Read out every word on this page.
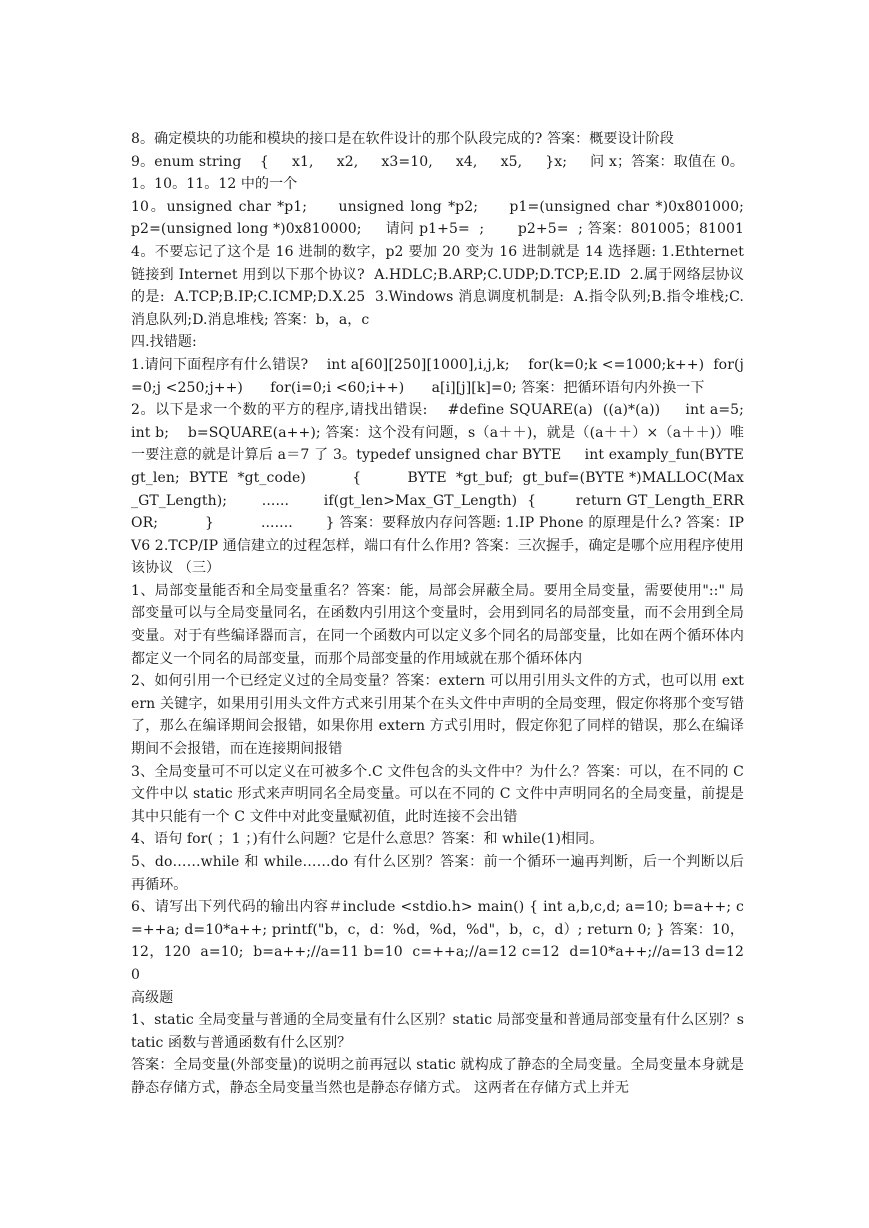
8。确定模块的功能和模块的接口是在软件设计的那个队段完成的? 答案：概要设计阶段

9。enum string    {     x1,     x2,     x3=10,     x4,     x5,     }x;     问 x；答案：取值在 0。1。10。11。12 中的一个

10。unsigned char *p1;     unsigned long *p2;     p1=(unsigned char *)0x801000;     p2=(unsigned long *)0x810000;     请问 p1+5=  ;       p2+5=  ; 答案：801005；810014。不要忘记了这个是 16 进制的数字，p2 要加 20 变为 16 进制就是 14 选择题: 1.Ethternet 链接到 Internet 用到以下那个协议?  A.HDLC;B.ARP;C.UDP;D.TCP;E.ID  2.属于网络层协议的是:  A.TCP;B.IP;C.ICMP;D.X.25  3.Windows 消息调度机制是:  A.指令队列;B.指令堆栈;C.消息队列;D.消息堆栈; 答案：b，a，c

四.找错题:

1.请问下面程序有什么错误?    int a[60][250][1000],i,j,k;    for(k=0;k <=1000;k++)  for(j=0;j <250;j++)      for(i=0;i <60;i++)      a[i][j][k]=0; 答案：把循环语句内外换一下

2。以下是求一个数的平方的程序,请找出错误:    #define SQUARE(a)  ((a)*(a))     int a=5;    int b;    b=SQUARE(a++); 答案：这个没有问题，s（a＋＋)，就是（(a＋＋）×（a＋＋)）唯一要注意的就是计算后 a＝7 了 3。typedef unsigned char BYTE     int examply_fun(BYTE  gt_len;  BYTE  *gt_code)          {          BYTE  *gt_buf;  gt_buf=(BYTE *)MALLOC(Max_GT_Length);       ......       if(gt_len>Max_GT_Length)  {        return GT_Length_ERROR;          }          .......       } 答案：要释放内存问答题: 1.IP Phone 的原理是什么? 答案：IPV6 2.TCP/IP 通信建立的过程怎样，端口有什么作用? 答案：三次握手，确定是哪个应用程序使用该协议 （三）

1、局部变量能否和全局变量重名？答案：能，局部会屏蔽全局。要用全局变量，需要使用"::" 局部变量可以与全局变量同名，在函数内引用这个变量时，会用到同名的局部变量，而不会用到全局变量。对于有些编译器而言，在同一个函数内可以定义多个同名的局部变量，比如在两个循环体内都定义一个同名的局部变量，而那个局部变量的作用域就在那个循环体内

2、如何引用一个已经定义过的全局变量？答案：extern 可以用引用头文件的方式，也可以用 extern 关键字，如果用引用头文件方式来引用某个在头文件中声明的全局变理，假定你将那个变写错了，那么在编译期间会报错，如果你用 extern 方式引用时，假定你犯了同样的错误，那么在编译期间不会报错，而在连接期间报错

3、全局变量可不可以定义在可被多个.C 文件包含的头文件中？为什么？答案：可以，在不同的 C 文件中以 static 形式来声明同名全局变量。可以在不同的 C 文件中声明同名的全局变量，前提是其中只能有一个 C 文件中对此变量赋初值，此时连接不会出错

4、语句 for( ；1 ；)有什么问题？它是什么意思？答案：和 while(1)相同。

5、do……while 和 while……do 有什么区别？答案：前一个循环一遍再判断，后一个判断以后再循环。

6、请写出下列代码的输出内容＃include <stdio.h> main() { int a,b,c,d; a=10; b=a++; c=++a; d=10*a++; printf("b，c，d：%d，%d，%d"，b，c，d）; return 0; } 答案：10，12，120  a=10;  b=a++;//a=11 b=10  c=++a;//a=12 c=12  d=10*a++;//a=13 d=120

高级题

1、static 全局变量与普通的全局变量有什么区别？static 局部变量和普通局部变量有什么区别？static 函数与普通函数有什么区别？

答案：全局变量(外部变量)的说明之前再冠以 static 就构成了静态的全局变量。全局变量本身就是静态存储方式，静态全局变量当然也是静态存储方式。 这两者在存储方式上并无
